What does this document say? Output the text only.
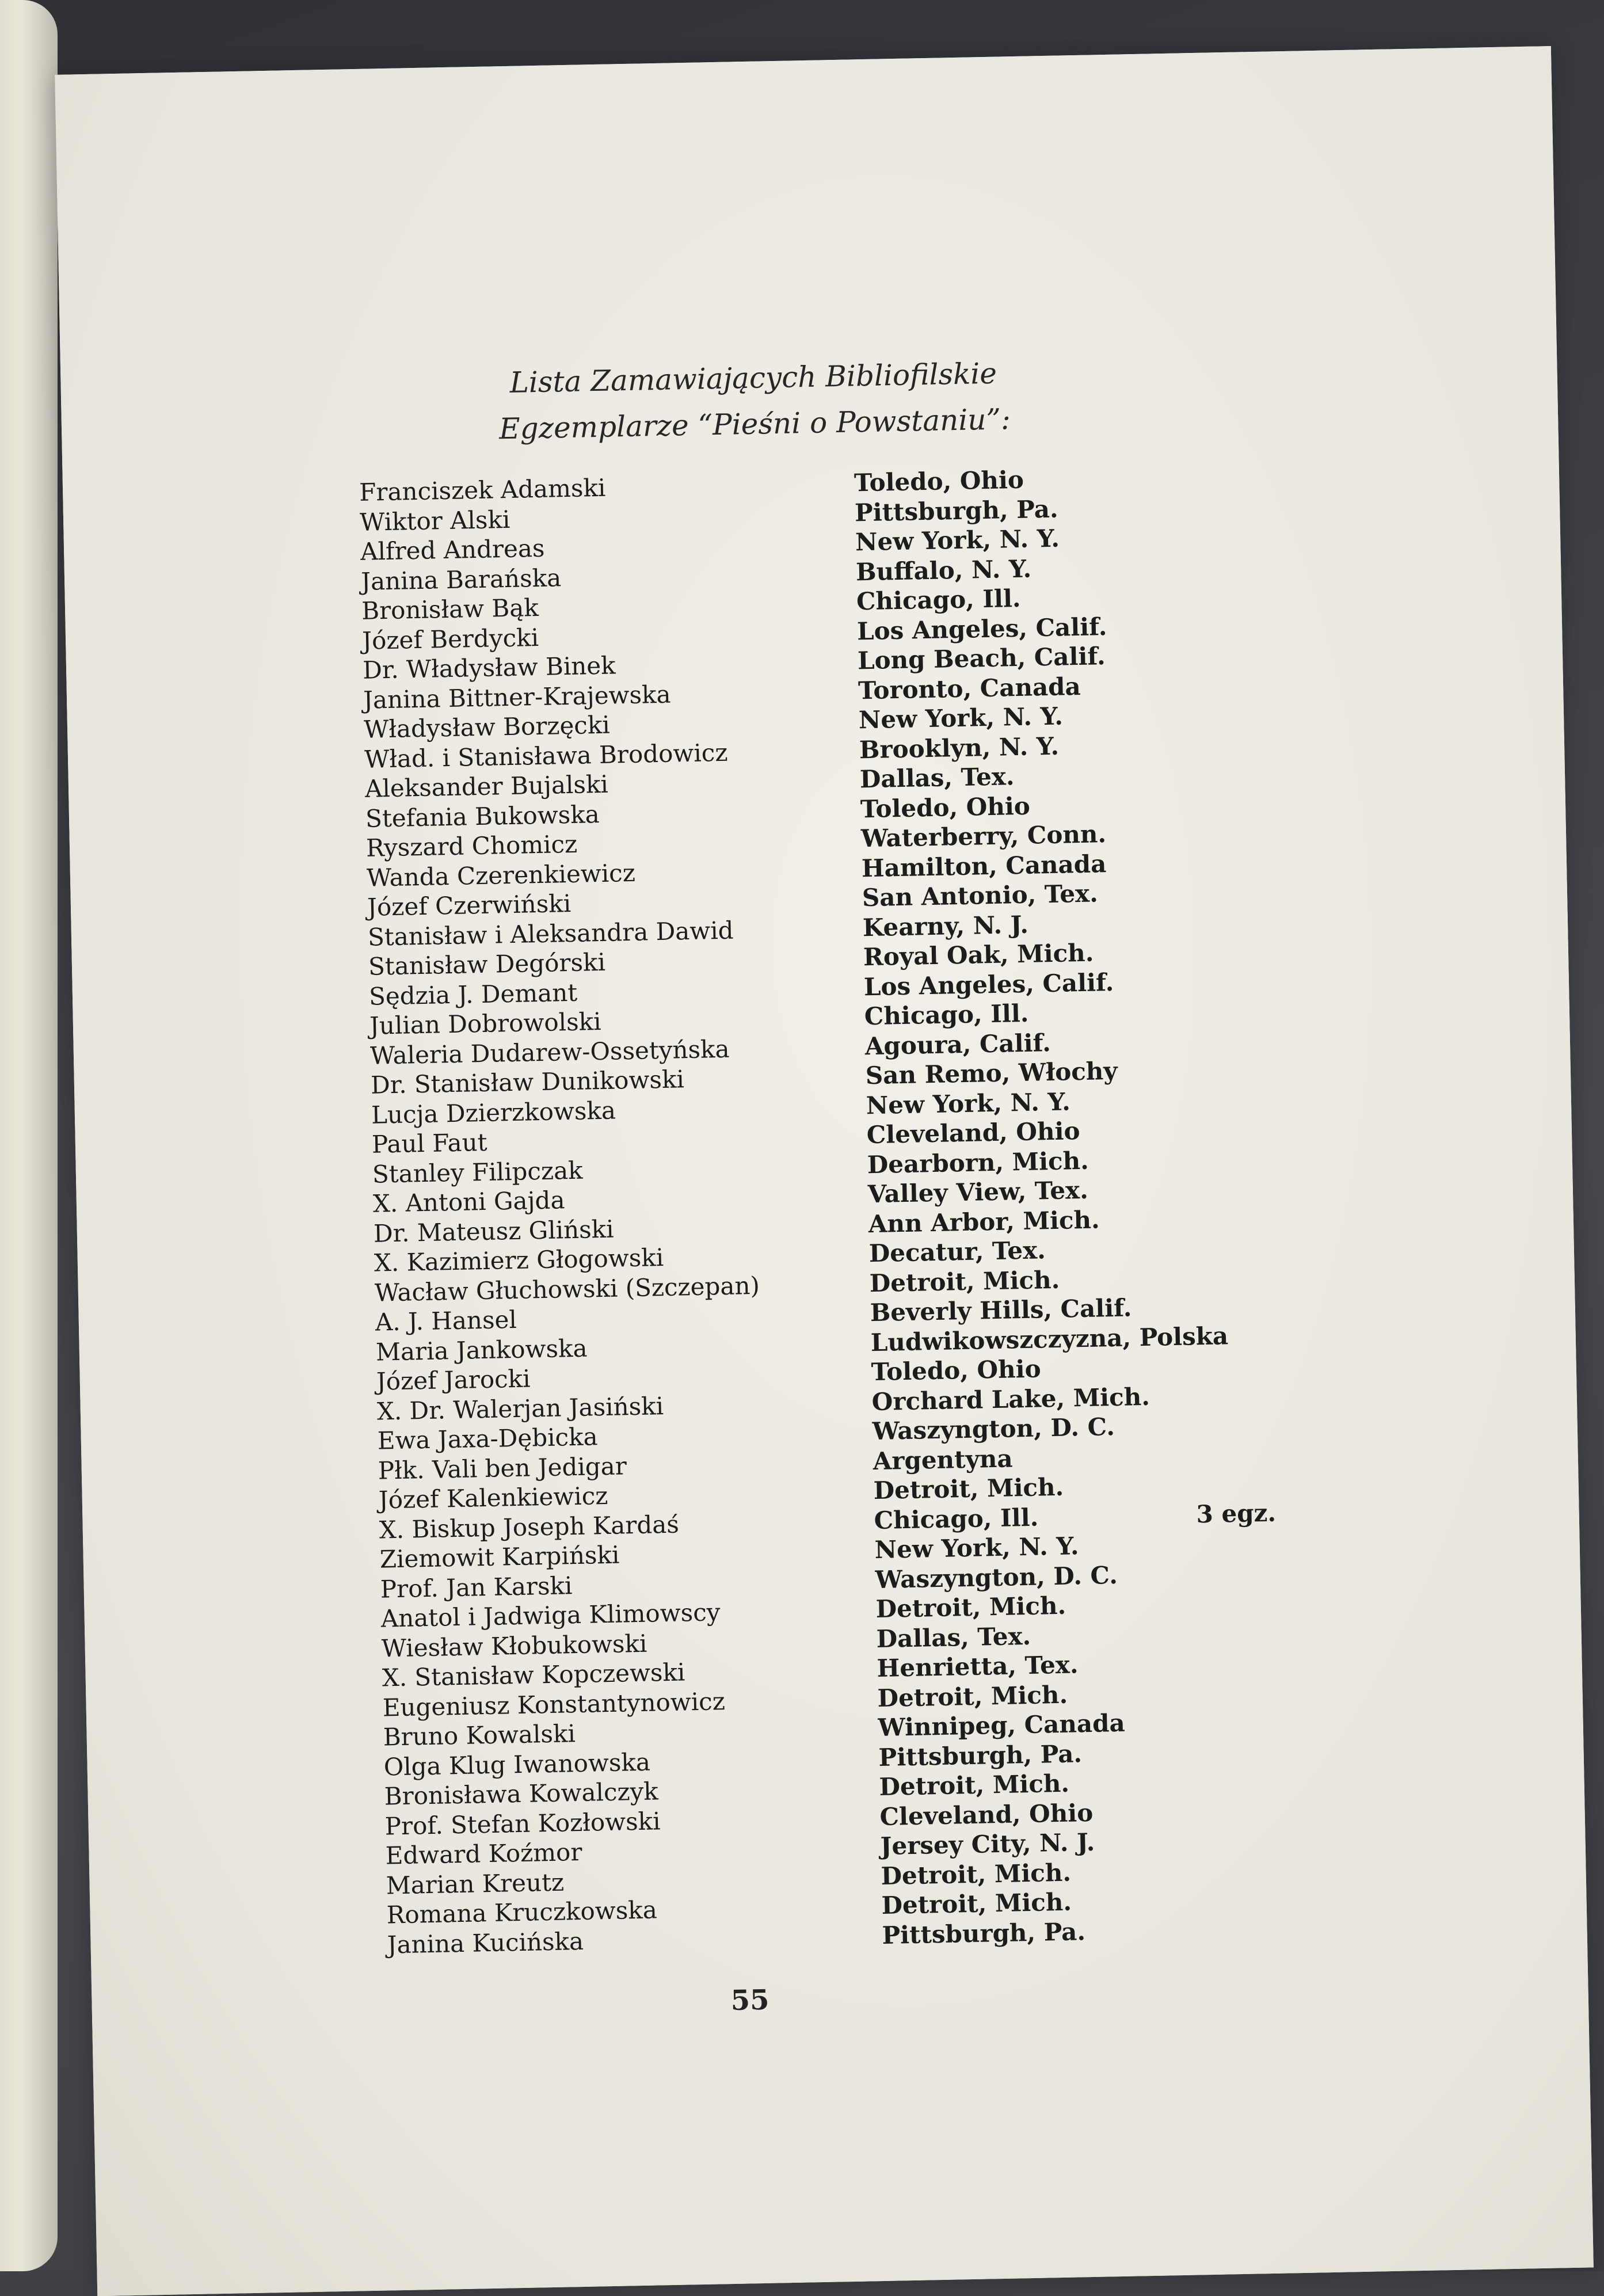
Lista Zamawiających Bibliofilskie
Egzemplarze “Pieśni o Powstaniu”:
Franciszek Adamski	Toledo, Ohio
Wiktor Alski	Pittsburgh, Pa.
Alfred Andreas	New York, N. Y.
Janina Barańska	Buffalo, N. Y.
Bronisław Bąk	Chicago, Ill.
Józef Berdycki	Los Angeles, Calif.
Dr. Władysław Binek	Long Beach, Calif.
Janina Bittner-Krajewska	Toronto, Canada
Władysław Borzęcki	New York, N. Y.
Wład. i Stanisława Brodowicz	Brooklyn, N. Y.
Aleksander Bujalski	Dallas, Tex.
Stefania Bukowska	Toledo, Ohio
Ryszard Chomicz	Waterberry, Conn.
Wanda Czerenkiewicz	Hamilton, Canada
Józef Czerwiński	San Antonio, Tex.
Stanisław i Aleksandra Dawid	Kearny, N. J.
Stanisław Degórski	Royal Oak, Mich.
Sędzia J. Demant	Los Angeles, Calif.
Julian Dobrowolski	Chicago, Ill.
Waleria Dudarew-Ossetyńska	Agoura, Calif.
Dr. Stanisław Dunikowski	San Remo, Włochy
Lucja Dzierzkowska	New York, N. Y.
Paul Faut	Cleveland, Ohio
Stanley Filipczak	Dearborn, Mich.
X. Antoni Gajda	Valley View, Tex.
Dr. Mateusz Gliński	Ann Arbor, Mich.
X. Kazimierz Głogowski	Decatur, Tex.
Wacław Głuchowski (Szczepan)	Detroit, Mich.
A. J. Hansel	Beverly Hills, Calif.
Maria Jankowska	Ludwikowszczyzna, Polska
Józef Jarocki	Toledo, Ohio
X. Dr. Walerjan Jasiński	Orchard Lake, Mich.
Ewa Jaxa-Dębicka	Waszyngton, D. C.
Płk. Vali ben Jedigar	Argentyna
Józef Kalenkiewicz	Detroit, Mich.
X. Biskup Joseph Kardaś	Chicago, Ill.	3 egz.
Ziemowit Karpiński	New York, N. Y.
Prof. Jan Karski	Waszyngton, D. C.
Anatol i Jadwiga Klimowscy	Detroit, Mich.
Wiesław Kłobukowski	Dallas, Tex.
X. Stanisław Kopczewski	Henrietta, Tex.
Eugeniusz Konstantynowicz	Detroit, Mich.
Bruno Kowalski	Winnipeg, Canada
Olga Klug Iwanowska	Pittsburgh, Pa.
Bronisława Kowalczyk	Detroit, Mich.
Prof. Stefan Kozłowski	Cleveland, Ohio
Edward Koźmor	Jersey City, N. J.
Marian Kreutz	Detroit, Mich.
Romana Kruczkowska	Detroit, Mich.
Janina Kucińska	Pittsburgh, Pa.
55
